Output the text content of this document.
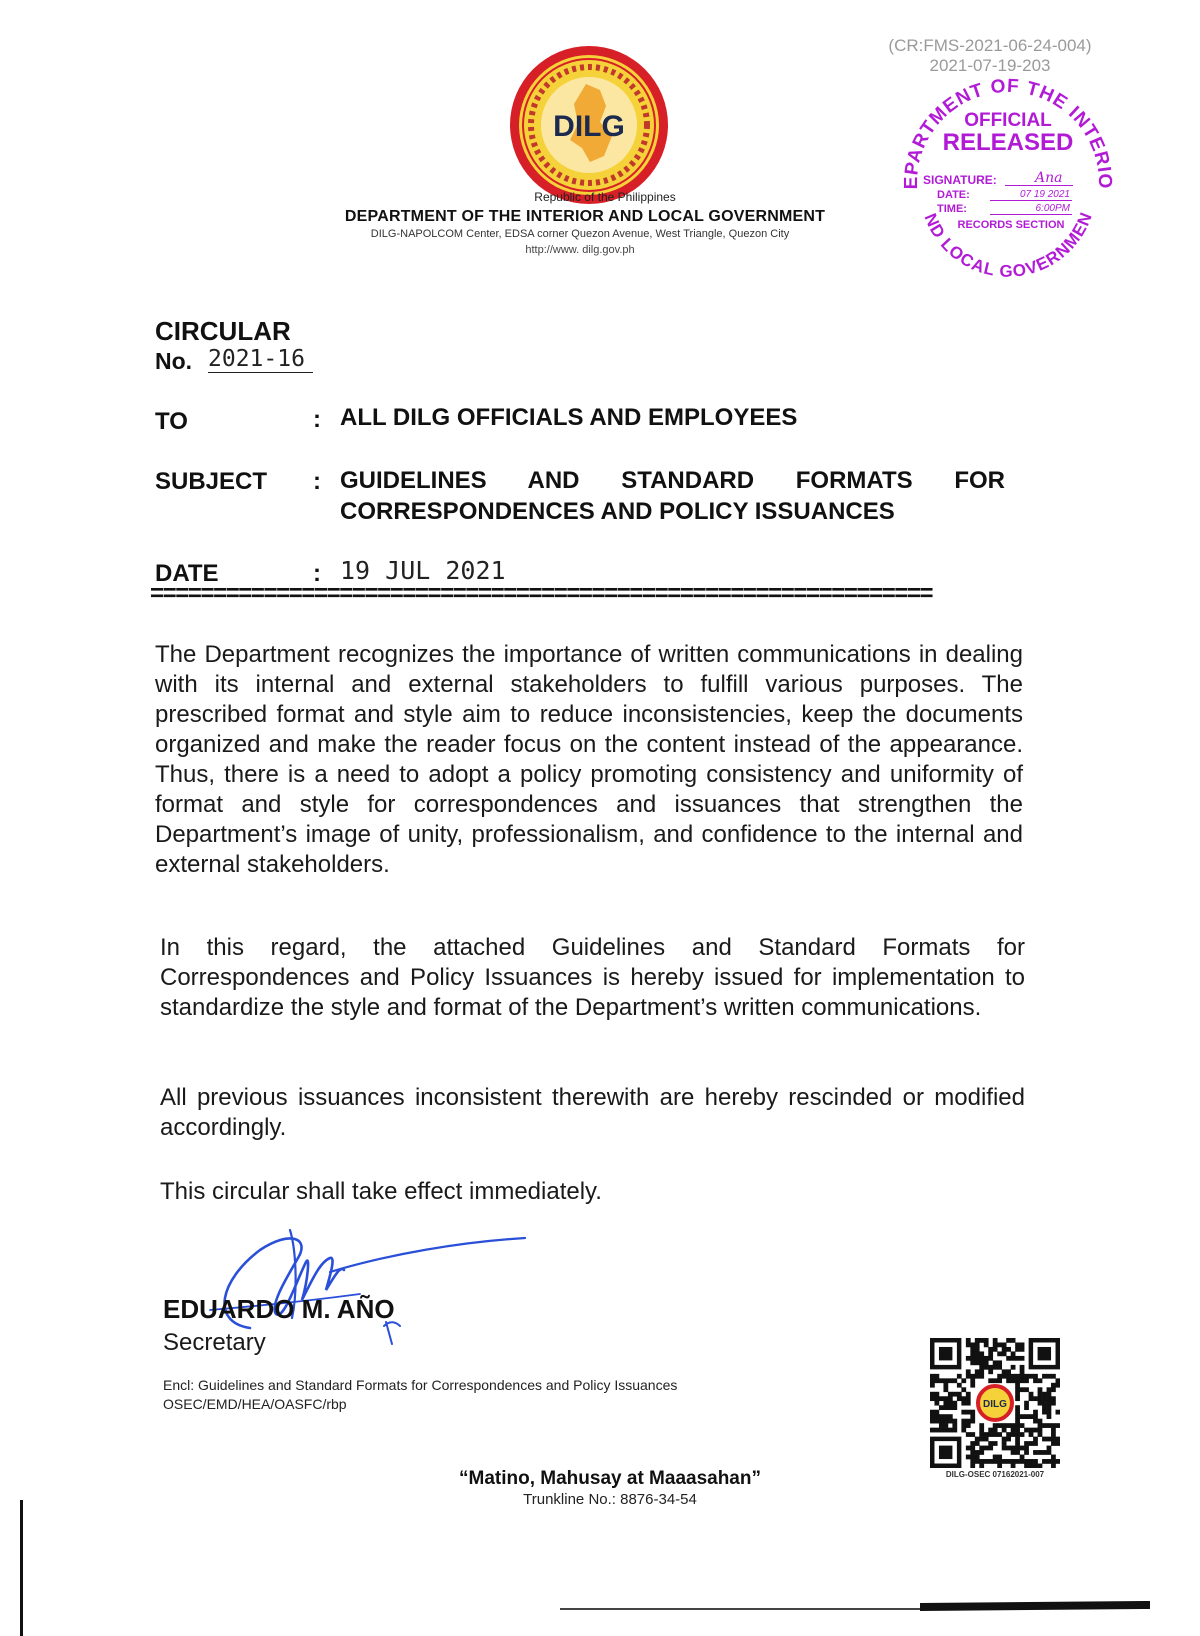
DILG
Republic of the Philippines
DEPARTMENT OF THE INTERIOR AND LOCAL GOVERNMENT
DILG-NAPOLCOM Center, EDSA corner Quezon Avenue, West Triangle, Quezon City
http://www. dilg.gov.ph
(CR:FMS-2021-06-24-004)
2021-07-19-203
EPARTMENT OF THE INTERIO
ND LOCAL GOVERNMEN
OFFICIAL
RELEASED
RECORDS SECTION
Ana
SIGNATURE:
DATE:	07 19 2021
TIME:	6:00PM
CIRCULAR
No. 2021-16
TO	: ALL DILG OFFICIALS AND EMPLOYEES
SUBJECT : GUIDELINES AND STANDARD FORMATS FOR CORRESPONDENCES AND POLICY ISSUANCES
DATE	: 19 JUL 2021
==============================================================
The Department recognizes the importance of written communications in dealing with its internal and external stakeholders to fulfill various purposes. The prescribed format and style aim to reduce inconsistencies, keep the documents organized and make the reader focus on the content instead of the appearance. Thus, there is a need to adopt a policy promoting consistency and uniformity of format and style for correspondences and issuances that strengthen the Department’s image of unity, professionalism, and confidence to the internal and external stakeholders.
In this regard, the attached Guidelines and Standard Formats for Correspondences and Policy Issuances is hereby issued for implementation to standardize the style and format of the Department’s written communications.
All previous issuances inconsistent therewith are hereby rescinded or modified accordingly.
This circular shall take effect immediately.
EDUARDO M. AÑO
Secretary
Encl: Guidelines and Standard Formats for Correspondences and Policy Issuances
OSEC/EMD/HEA/OASFC/rbp	DILG
DILG-OSEC 07162021-007
“Matino, Mahusay at Maaasahan”
Trunkline No.: 8876-34-54
